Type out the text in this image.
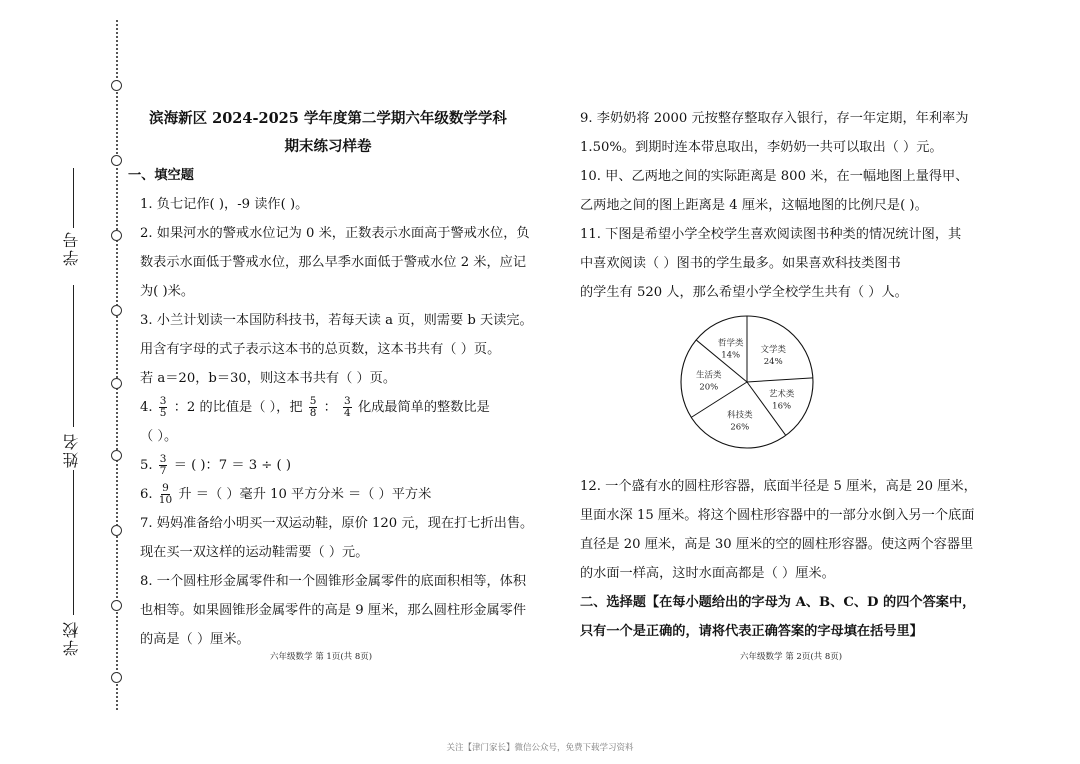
学号
姓名
学校

滨海新区 2024-2025 学年度第二学期六年级数学学科

期末练习样卷

一、填空题

1. 负七记作( )，-9 读作( )。

2. 如果河水的警戒水位记为 0 米，正数表示水面高于警戒水位，负

数表示水面低于警戒水位，那么早季水面低于警戒水位 2 米，应记

为( )米。

3. 小兰计划读一本国防科技书，若每天读 a 页，则需要 b 天读完。

用含有字母的式子表示这本书的总页数，这本书共有（ ）页。

若 a＝20，b＝30，则这本书共有（ ）页。

4. $\frac{3}{5}$ ：2 的比值是（ ），把 $\frac{5}{8}$ ： $\frac{3}{4}$ 化成最简单的整数比是

（ ）。

5. $\frac{3}{7}$ ＝ ( )：7 ＝ 3 ÷ ( )

6. $\frac{9}{10}$ 升 ＝（ ）毫升 10 平方分米 ＝（ ）平方米

7. 妈妈准备给小明买一双运动鞋，原价 120 元，现在打七折出售。

现在买一双这样的运动鞋需要（ ）元。

8. 一个圆柱形金属零件和一个圆锥形金属零件的底面积相等，体积

也相等。如果圆锥形金属零件的高是 9 厘米，那么圆柱形金属零件

的高是（ ）厘米。

六年级数学 第 1页(共 8页)

9. 李奶奶将 2000 元按整存整取存入银行，存一年定期，年利率为

1.50%。到期时连本带息取出，李奶奶一共可以取出（ ）元。

10. 甲、乙两地之间的实际距离是 800 米，在一幅地图上量得甲、

乙两地之间的图上距离是 4 厘米，这幅地图的比例尺是( )。

11. 下图是希望小学全校学生喜欢阅读图书种类的情况统计图，其

中喜欢阅读（ ）图书的学生最多。如果喜欢科技类图书

的学生有 520 人，那么希望小学全校学生共有（ ）人。

文学类
24%
艺术类
16%
科技类
26%
生活类
20%
哲学类
14%

12. 一个盛有水的圆柱形容器，底面半径是 5 厘米，高是 20 厘米，

里面水深 15 厘米。将这个圆柱形容器中的一部分水倒入另一个底面

直径是 20 厘米，高是 30 厘米的空的圆柱形容器。使这两个容器里

的水面一样高，这时水面高都是（ ）厘米。

二、选择题【在每小题给出的字母为 A、B、C、D 的四个答案中，

只有一个是正确的，请将代表正确答案的字母填在括号里】

六年级数学 第 2页(共 8页)
关注【津门家长】微信公众号，免费下载学习资料
